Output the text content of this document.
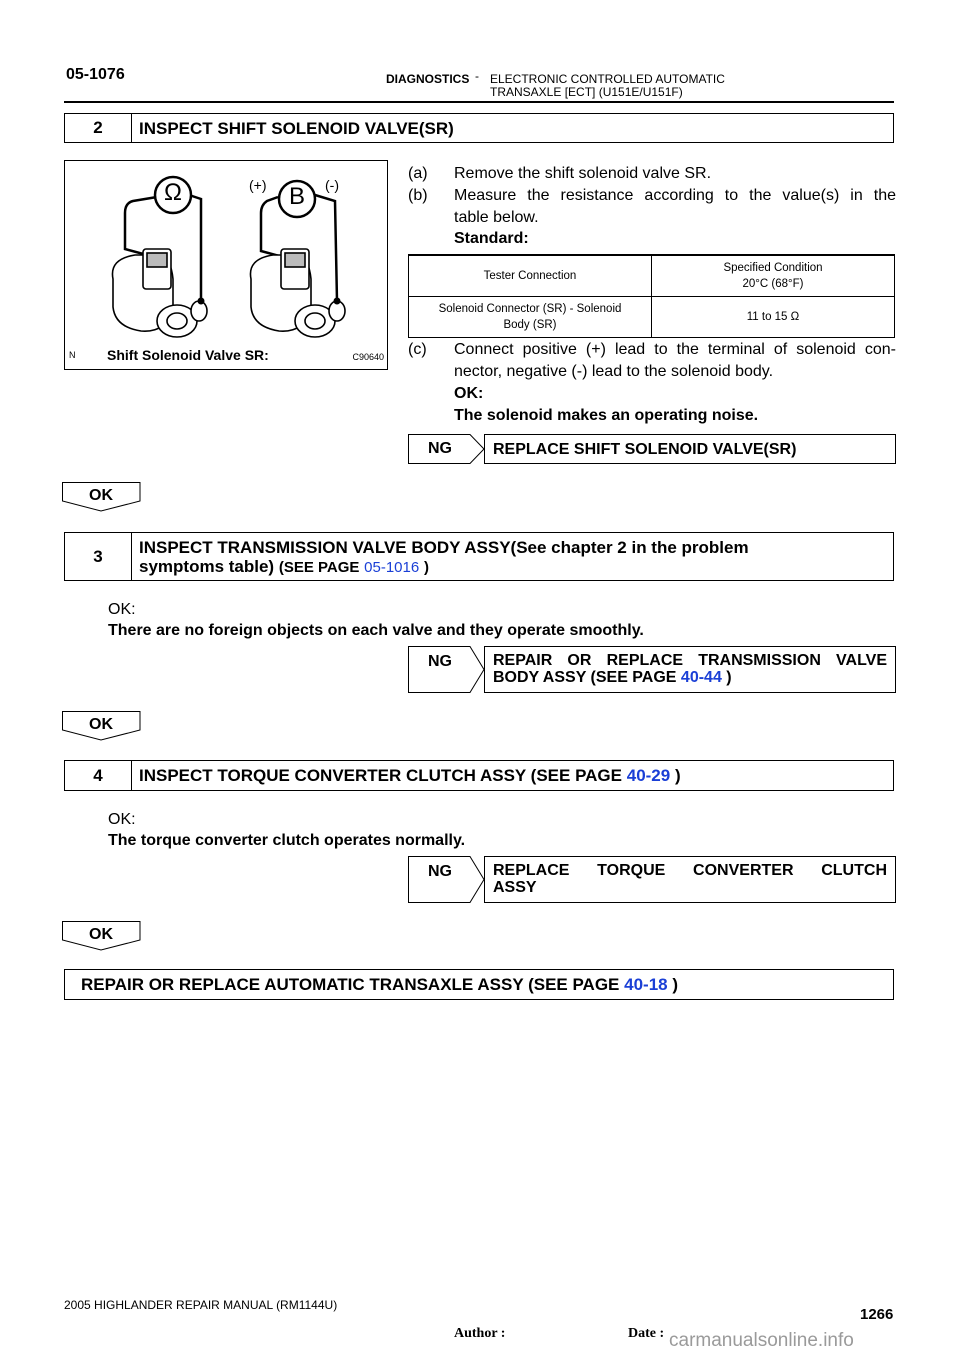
05-1076	DIAGNOSTICS - ELECTRONIC CONTROLLED AUTOMATIC
TRANSAXLE [ECT] (U151E/U151F)
2	INSPECT SHIFT SOLENOID VALVE(SR)
Ω	B
(+)	(-)
N Shift Solenoid Valve SR:	C90640
(a) Remove the shift solenoid valve SR.
(b) Measure the resistance according to the value(s) in the
table below.
Standard:
Tester Connection	Specified Condition
20°C (68°F)

Solenoid Connector (SR) - Solenoid
Body (SR)	11 to 15 Ω
(c) Connect positive (+) lead to the terminal of solenoid con-
nector, negative (-) lead to the solenoid body.
OK:
The solenoid makes an operating noise.
NG	REPLACE SHIFT SOLENOID VALVE(SR)
OK
3	INSPECT TRANSMISSION VALVE BODY ASSY(See chapter 2 in the problem
symptoms table) (SEE PAGE 05-1016 )
OK:
There are no foreign objects on each valve and they operate smoothly.
NG	REPAIR OR REPLACE TRANSMISSION VALVE
BODY ASSY (SEE PAGE 40-44 )
OK
4	INSPECT TORQUE CONVERTER CLUTCH ASSY (SEE PAGE
40-29
)
OK:
The torque converter clutch operates normally.
NG	REPLACE TORQUE CONVERTER CLUTCH
ASSY
OK
REPAIR OR REPLACE AUTOMATIC TRANSAXLE ASSY (SEE PAGE 40-18 )
2005 HIGHLANDER REPAIR MANUAL (RM1144U)
1266
Author :	Date : carmanualsonline.info
